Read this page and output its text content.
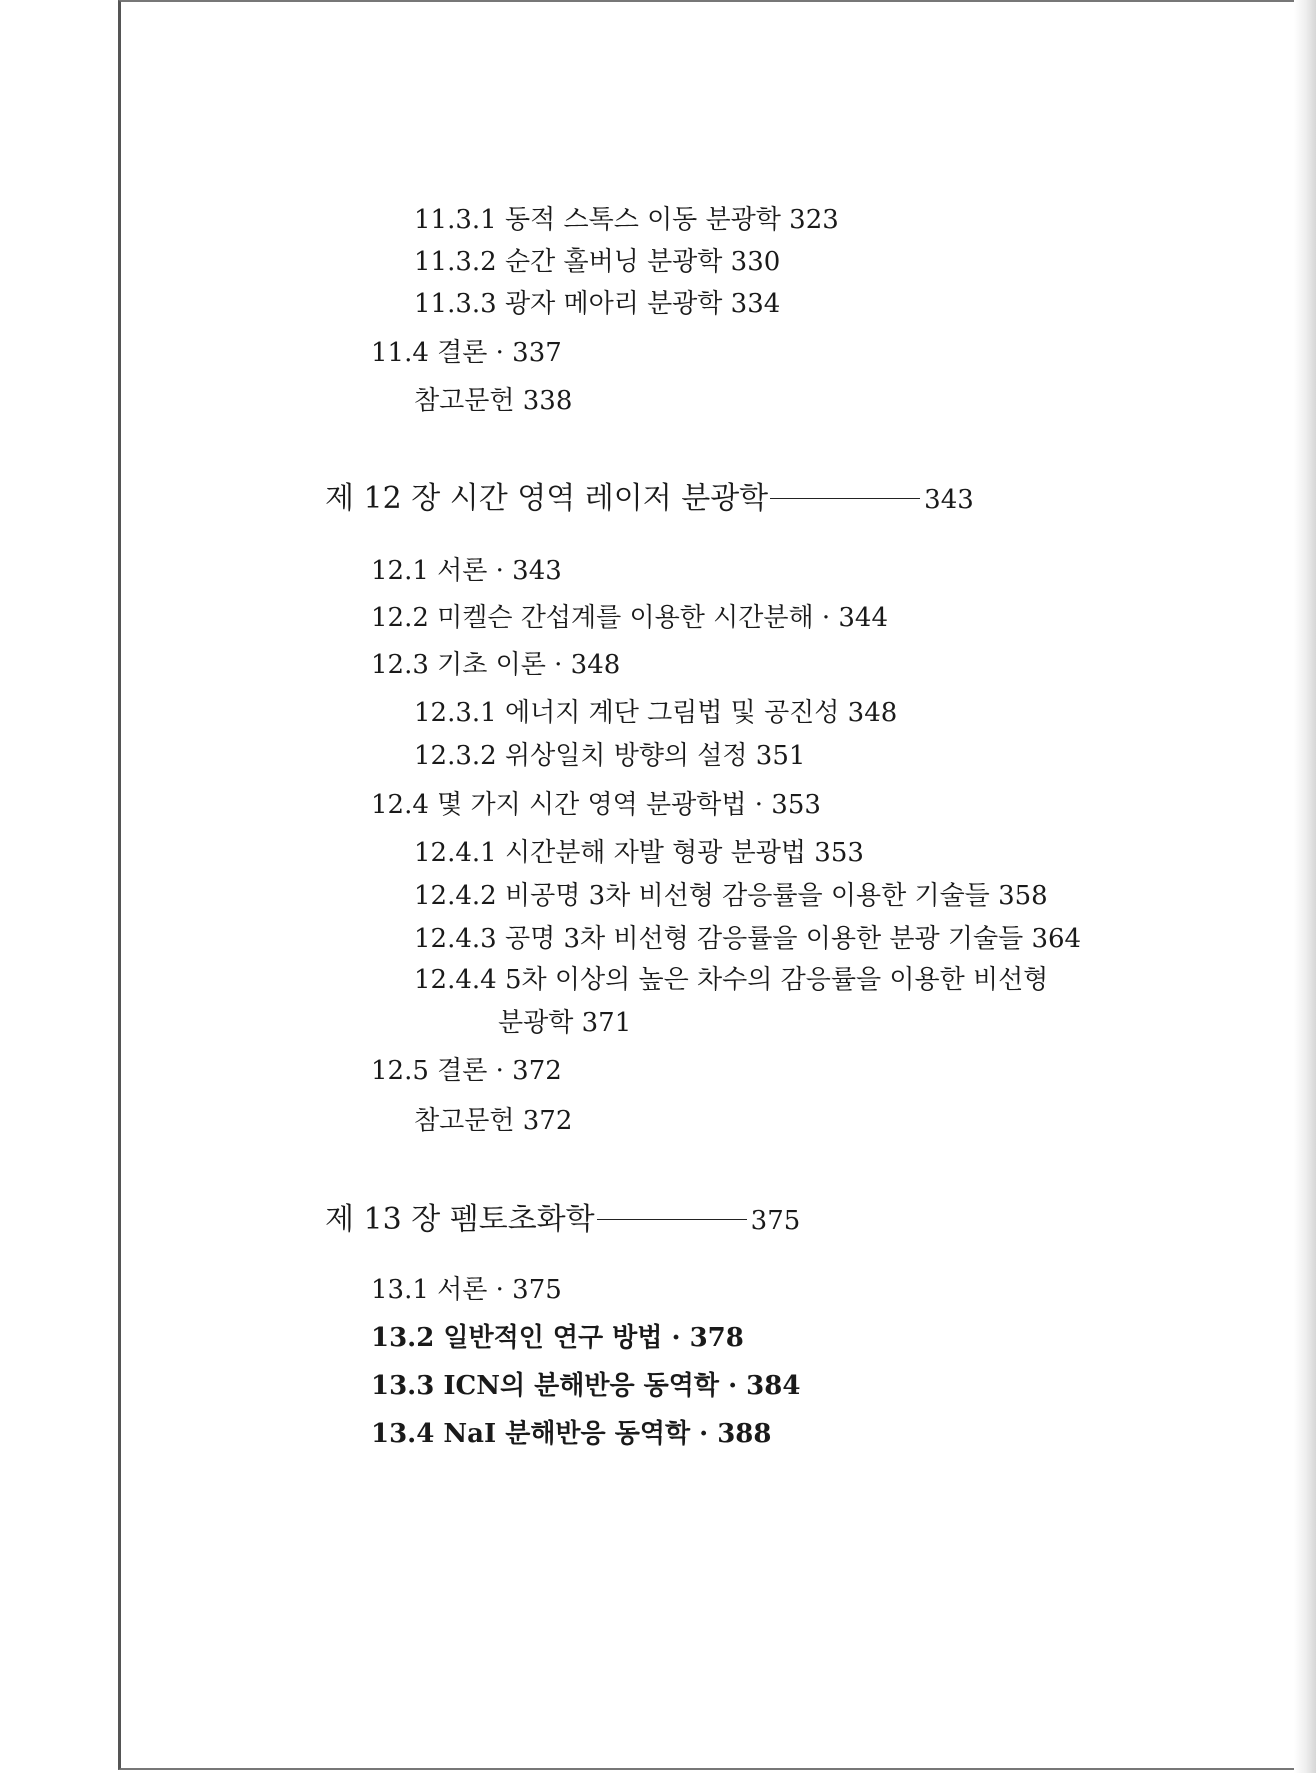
11.3.1 동적 스톡스 이동 분광학 323
11.3.2 순간 홀버닝 분광학 330
11.3.3 광자 메아리 분광학 334
11.4 결론 · 337
참고문헌 338
제 12 장 시간 영역 레이저 분광학	343
12.1 서론 · 343
12.2 미켈슨 간섭계를 이용한 시간분해 · 344
12.3 기초 이론 · 348
12.3.1 에너지 계단 그림법 및 공진성 348
12.3.2 위상일치 방향의 설정 351
12.4 몇 가지 시간 영역 분광학법 · 353
12.4.1 시간분해 자발 형광 분광법 353
12.4.2 비공명 3차 비선형 감응률을 이용한 기술들 358
12.4.3 공명 3차 비선형 감응률을 이용한 분광 기술들 364
12.4.4 5차 이상의 높은 차수의 감응률을 이용한 비선형
분광학 371
12.5 결론 · 372
참고문헌 372
제 13 장 펨토초화학	375
13.1 서론 · 375
13.2 일반적인 연구 방법 · 378
13.3 ICN의 분해반응 동역학 · 384
13.4 NaI 분해반응 동역학 · 388
